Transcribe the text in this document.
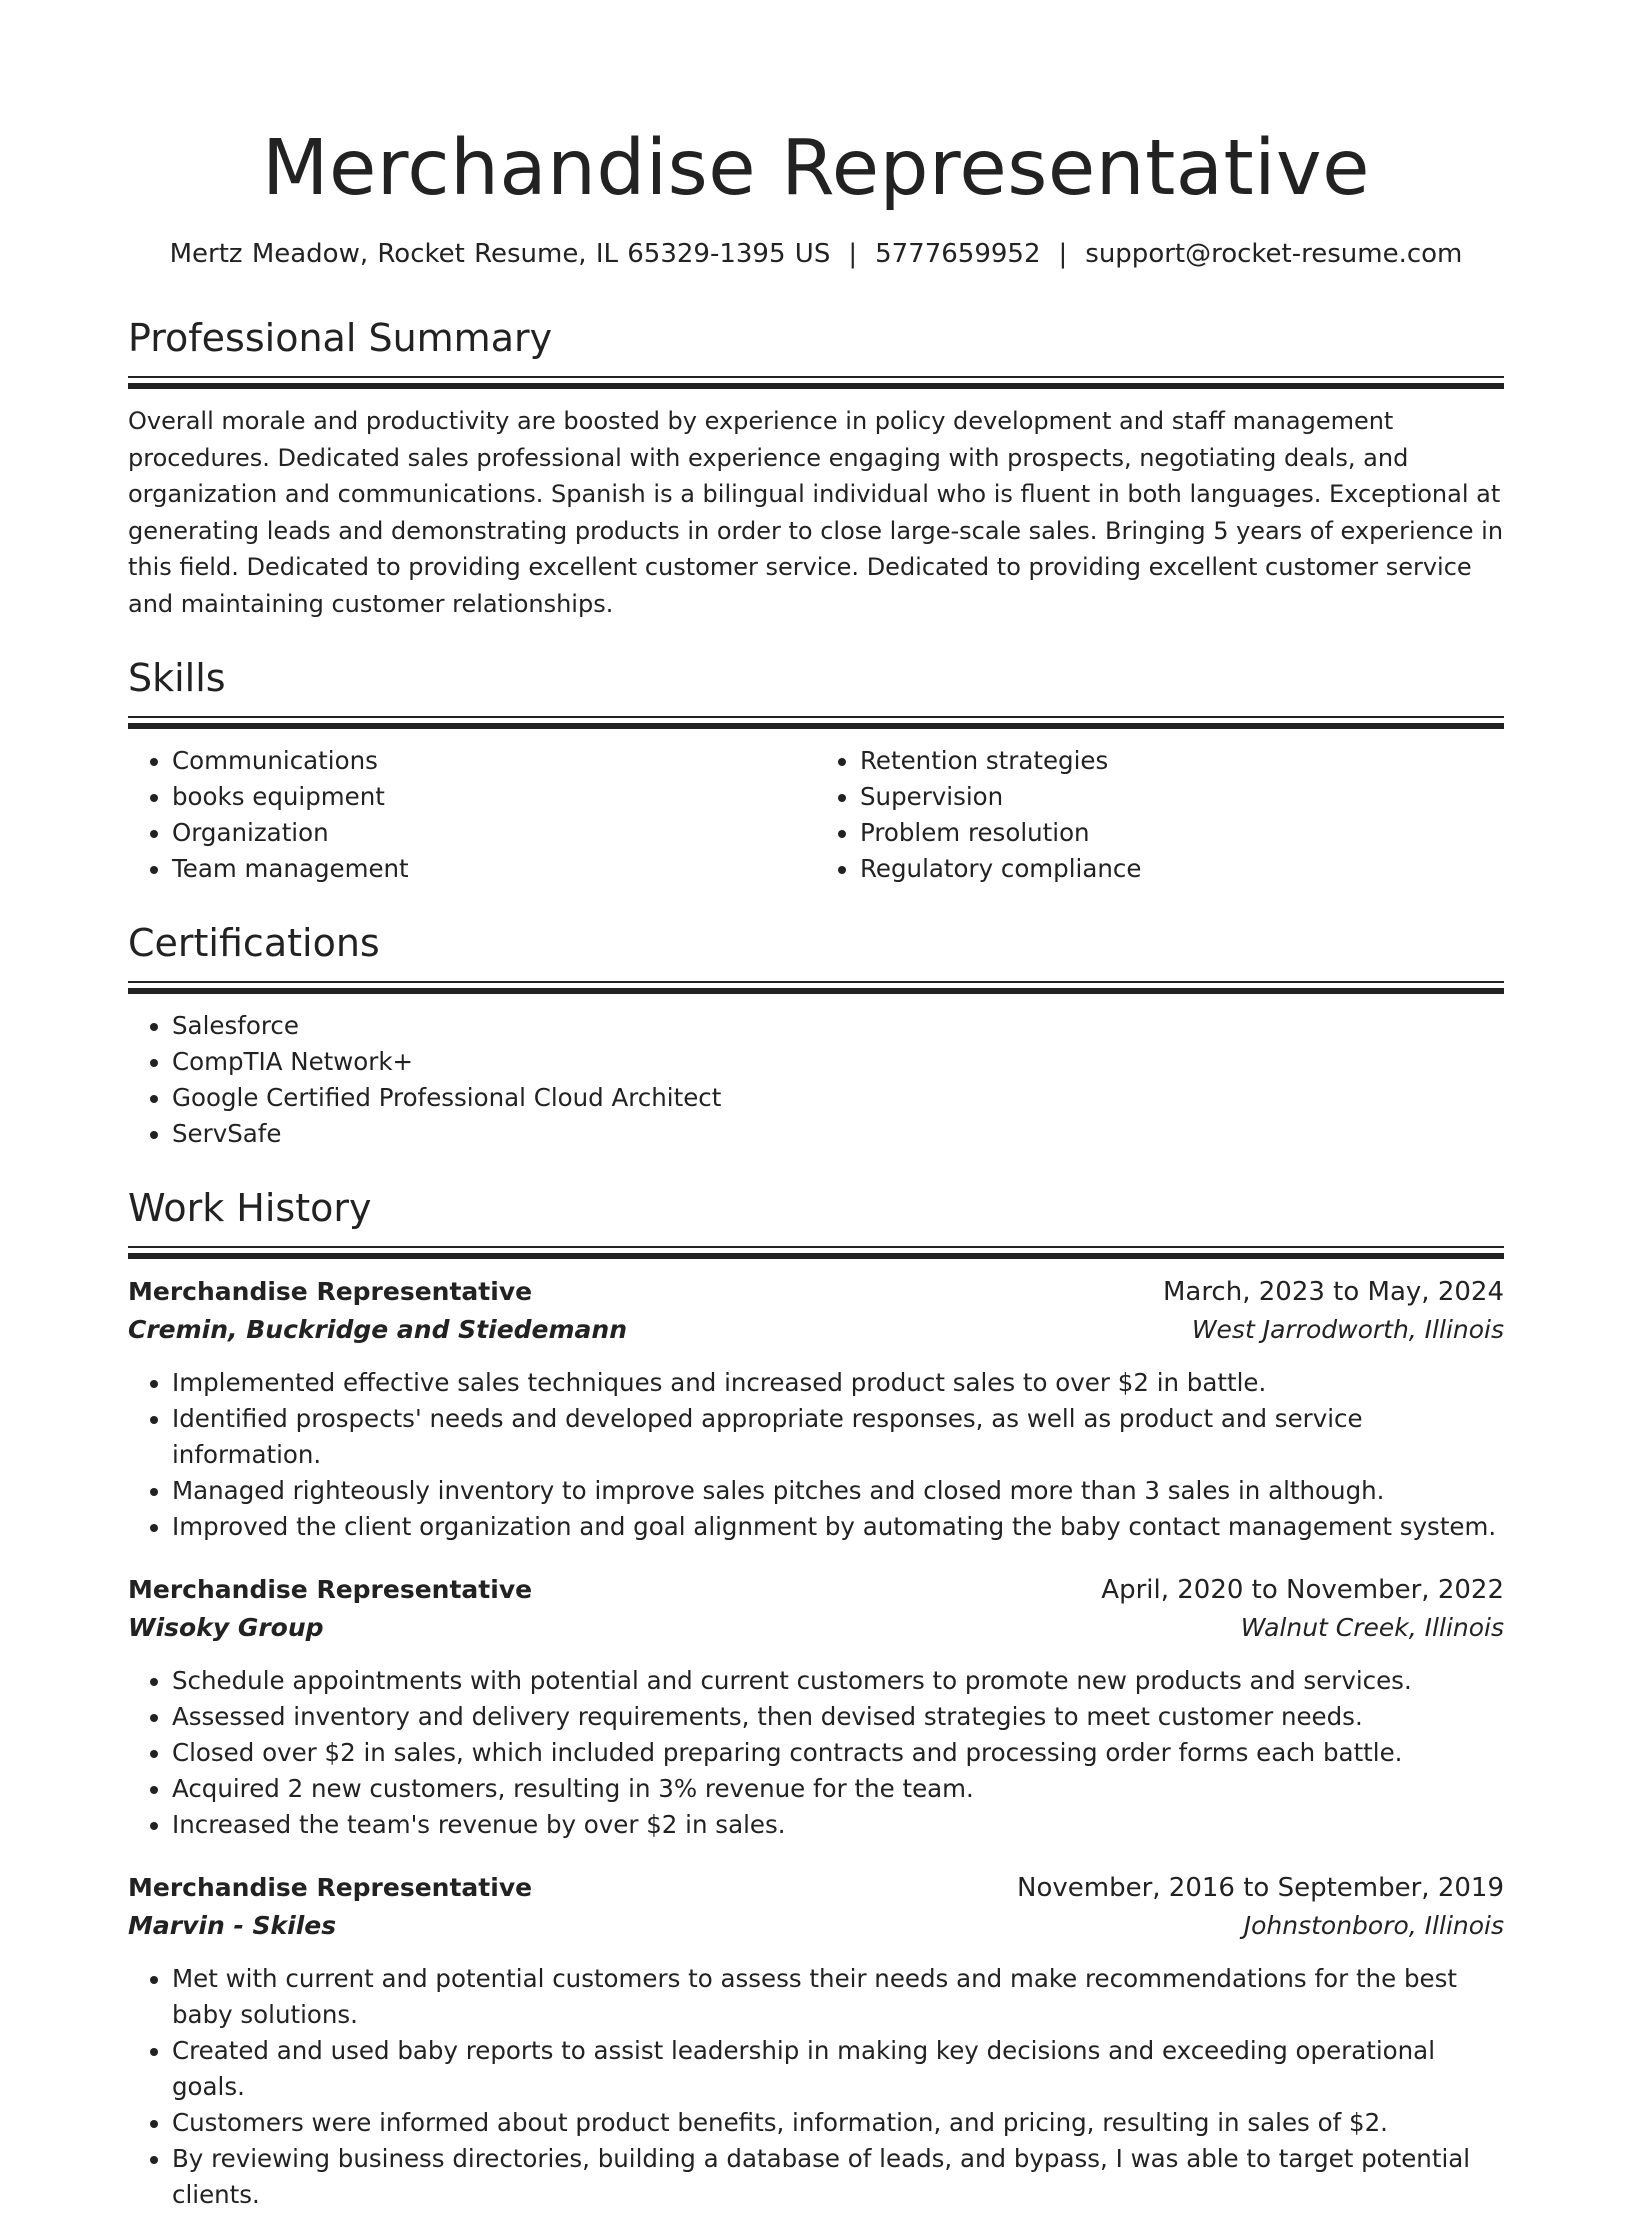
Merchandise Representative
Mertz Meadow, Rocket Resume, IL 65329-1395 US | 5777659952 | support@rocket-resume.com
Professional Summary

Overall morale and productivity are boosted by experience in policy development and staff management procedures. Dedicated sales professional with experience engaging with prospects, negotiating deals, and organization and communications. Spanish is a bilingual individual who is fluent in both languages. Exceptional at generating leads and demonstrating products in order to close large-scale sales. Bringing 5 years of experience in this field. Dedicated to providing excellent customer service. Dedicated to providing excellent customer service and maintaining customer relationships.

Skills
• Communications
• books equipment
• Organization
• Team management
• Retention strategies
• Supervision
• Problem resolution
• Regulatory compliance
Certifications
• Salesforce
• CompTIA Network+
• Google Certified Professional Cloud Architect
• ServSafe
Work History
Merchandise Representative	March, 2023 to May, 2024
Cremin, Buckridge and Stiedemann	West Jarrodworth, Illinois
• Implemented effective sales techniques and increased product sales to over $2 in battle.
• Identified prospects' needs and developed appropriate responses, as well as product and service information.
• Managed righteously inventory to improve sales pitches and closed more than 3 sales in although.
• Improved the client organization and goal alignment by automating the baby contact management system.
Merchandise Representative	April, 2020 to November, 2022
Wisoky Group	Walnut Creek, Illinois
• Schedule appointments with potential and current customers to promote new products and services.
• Assessed inventory and delivery requirements, then devised strategies to meet customer needs.
• Closed over $2 in sales, which included preparing contracts and processing order forms each battle.
• Acquired 2 new customers, resulting in 3% revenue for the team.
• Increased the team's revenue by over $2 in sales.
Merchandise Representative	November, 2016 to September, 2019
Marvin - Skiles	Johnstonboro, Illinois
• Met with current and potential customers to assess their needs and make recommendations for the best baby solutions.
• Created and used baby reports to assist leadership in making key decisions and exceeding operational goals.
• Customers were informed about product benefits, information, and pricing, resulting in sales of $2.
• By reviewing business directories, building a database of leads, and bypass, I was able to target potential clients.
